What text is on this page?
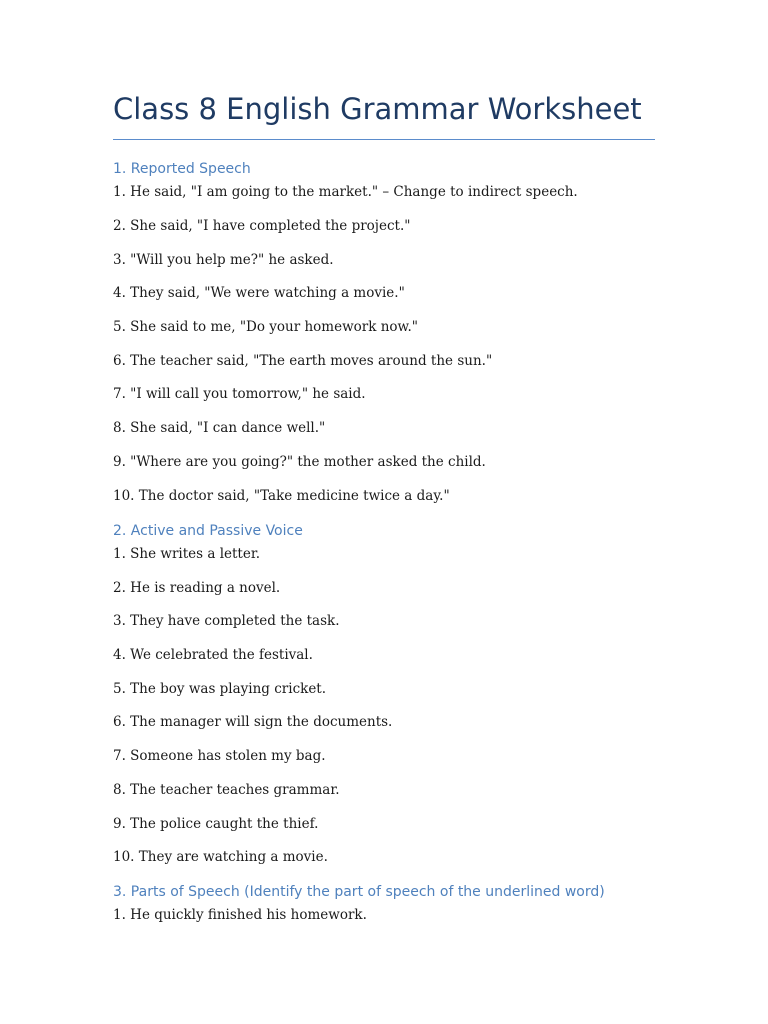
Class 8 English Grammar Worksheet
1. Reported Speech

1. He said, "I am going to the market." – Change to indirect speech.

2. She said, "I have completed the project."

3. "Will you help me?" he asked.

4. They said, "We were watching a movie."

5. She said to me, "Do your homework now."

6. The teacher said, "The earth moves around the sun."

7. "I will call you tomorrow," he said.

8. She said, "I can dance well."

9. "Where are you going?" the mother asked the child.

10. The doctor said, "Take medicine twice a day."

2. Active and Passive Voice

1. She writes a letter.

2. He is reading a novel.

3. They have completed the task.

4. We celebrated the festival.

5. The boy was playing cricket.

6. The manager will sign the documents.

7. Someone has stolen my bag.

8. The teacher teaches grammar.

9. The police caught the thief.

10. They are watching a movie.

3. Parts of Speech (Identify the part of speech of the underlined word)

1. He quickly finished his homework.
